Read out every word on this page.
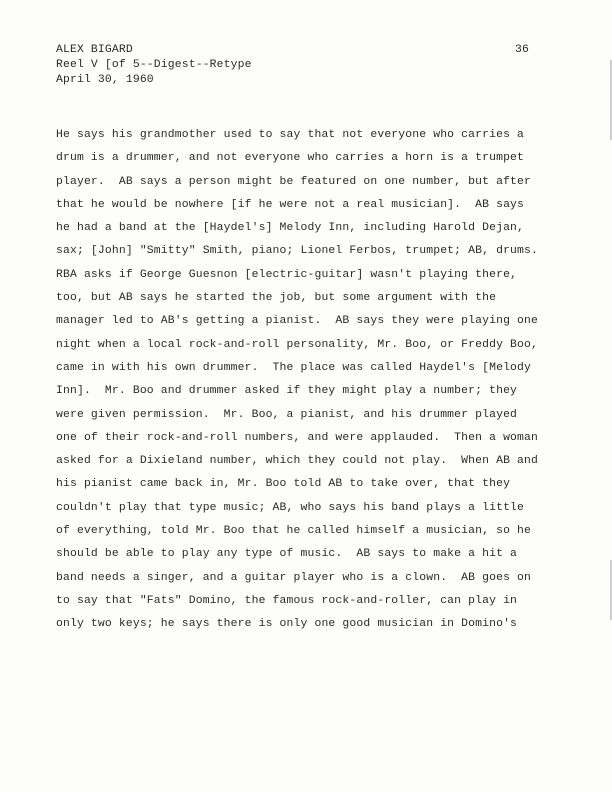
ALEX BIGARD
Reel V [of 5--Digest--Retype
April 30, 1960
36
He says his grandmother used to say that not everyone who carries a
drum is a drummer, and not everyone who carries a horn is a trumpet
player.  AB says a person might be featured on one number, but after
that he would be nowhere [if he were not a real musician].  AB says
he had a band at the [Haydel's] Melody Inn, including Harold Dejan,
sax; [John] "Smitty" Smith, piano; Lionel Ferbos, trumpet; AB, drums.
RBA asks if George Guesnon [electric-guitar] wasn't playing there,
too, but AB says he started the job, but some argument with the
manager led to AB's getting a pianist.  AB says they were playing one
night when a local rock-and-roll personality, Mr. Boo, or Freddy Boo,
came in with his own drummer.  The place was called Haydel's [Melody
Inn].  Mr. Boo and drummer asked if they might play a number; they
were given permission.  Mr. Boo, a pianist, and his drummer played
one of their rock-and-roll numbers, and were applauded.  Then a woman
asked for a Dixieland number, which they could not play.  When AB and
his pianist came back in, Mr. Boo told AB to take over, that they
couldn't play that type music; AB, who says his band plays a little
of everything, told Mr. Boo that he called himself a musician, so he
should be able to play any type of music.  AB says to make a hit a
band needs a singer, and a guitar player who is a clown.  AB goes on
to say that "Fats" Domino, the famous rock-and-roller, can play in
only two keys; he says there is only one good musician in Domino's
